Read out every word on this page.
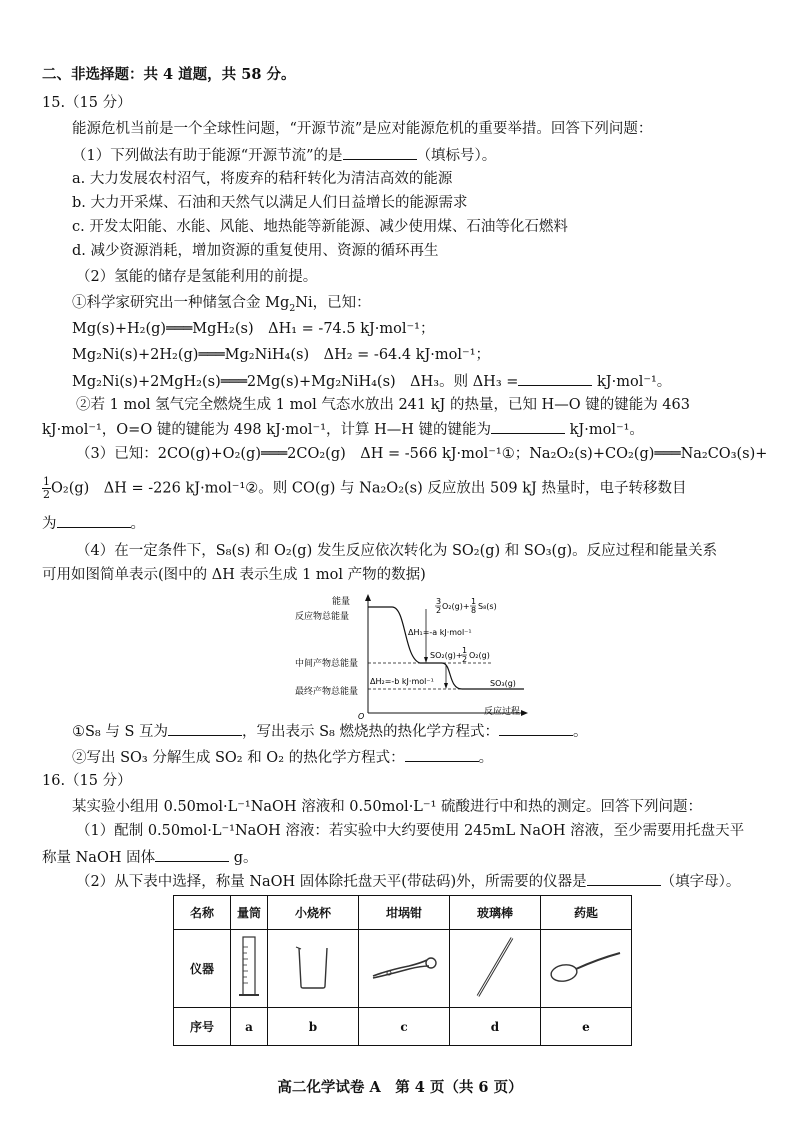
二、非选择题：共 4 道题，共 58 分。
15.（15 分）
能源危机当前是一个全球性问题，“开源节流”是应对能源危机的重要举措。回答下列问题：
（1）下列做法有助于能源“开源节流”的是	（填标号）。
a. 大力发展农村沼气，将废弃的秸秆转化为清洁高效的能源
b. 大力开采煤、石油和天然气以满足人们日益增长的能源需求
c. 开发太阳能、水能、风能、地热能等新能源、减少使用煤、石油等化石燃料
d. 减少资源消耗，增加资源的重复使用、资源的循环再生
（2）氢能的储存是氢能利用的前提。
①科学家研究出一种储氢合金 $Mg_2Ni$，已知：
Mg(s)+H₂(g)═══MgH₂(s)　ΔH₁ = -74.5 kJ·mol⁻¹；
Mg₂Ni(s)+2H₂(g)═══Mg₂NiH₄(s)　ΔH₂ = -64.4 kJ·mol⁻¹；
Mg₂Ni(s)+2MgH₂(s)═══2Mg(s)+Mg₂NiH₄(s)　ΔH₃。则 ΔH₃ =	kJ·mol⁻¹。
②若 1 mol 氢气完全燃烧生成 1 mol 气态水放出 241 kJ 的热量，已知 H—O 键的键能为 463
kJ·mol⁻¹，O=O 键的键能为 498 kJ·mol⁻¹，计算 H—H 键的键能为	kJ·mol⁻¹。
（3）已知：2CO(g)+O₂(g)═══2CO₂(g)　ΔH = -566 kJ·mol⁻¹①；Na₂O₂(s)+CO₂(g)═══Na₂CO₃(s)+
$\frac{1}{2} O_2(g)$　ΔH = -226 kJ·mol⁻¹②。则 CO(g) 与 Na₂O₂(s) 反应放出 509 kJ 热量时，电子转移数目
为	。
（4）在一定条件下，S₈(s) 和 O₂(g) 发生反应依次转化为 SO₂(g) 和 SO₃(g)。反应过程和能量关系
可用如图简单表示(图中的 ΔH 表示生成 1 mol 产物的数据)
能量
反应过程
O
反应物总能量
中间产物总能量
最终产物总能量
ΔH₁=-a kJ·mol⁻¹
ΔH₂=-b kJ·mol⁻¹
3
2 O₂(g)+
1
8 S₈(s)
SO₂(g)+
1
2 O₂(g)
SO₃(g)
①S₈ 与 S 互为	，写出表示 S₈ 燃烧热的热化学方程式：	。
②写出 SO₃ 分解生成 SO₂ 和 O₂ 的热化学方程式：	。
16.（15 分）
某实验小组用 0.50mol·L⁻¹NaOH 溶液和 0.50mol·L⁻¹ 硫酸进行中和热的测定。回答下列问题：
（1）配制 0.50mol·L⁻¹NaOH 溶液：若实验中大约要使用 245mL NaOH 溶液，至少需要用托盘天平
称量 NaOH 固体	g。
（2）从下表中选择，称量 NaOH 固体除托盘天平(带砝码)外，所需要的仪器是	（填字母）。
名称	量筒	小烧杯	坩埚钳	玻璃棒	药匙
仪器					
序号	a	b	c	d	e
高二化学试卷 A　第 4 页（共 6 页）
